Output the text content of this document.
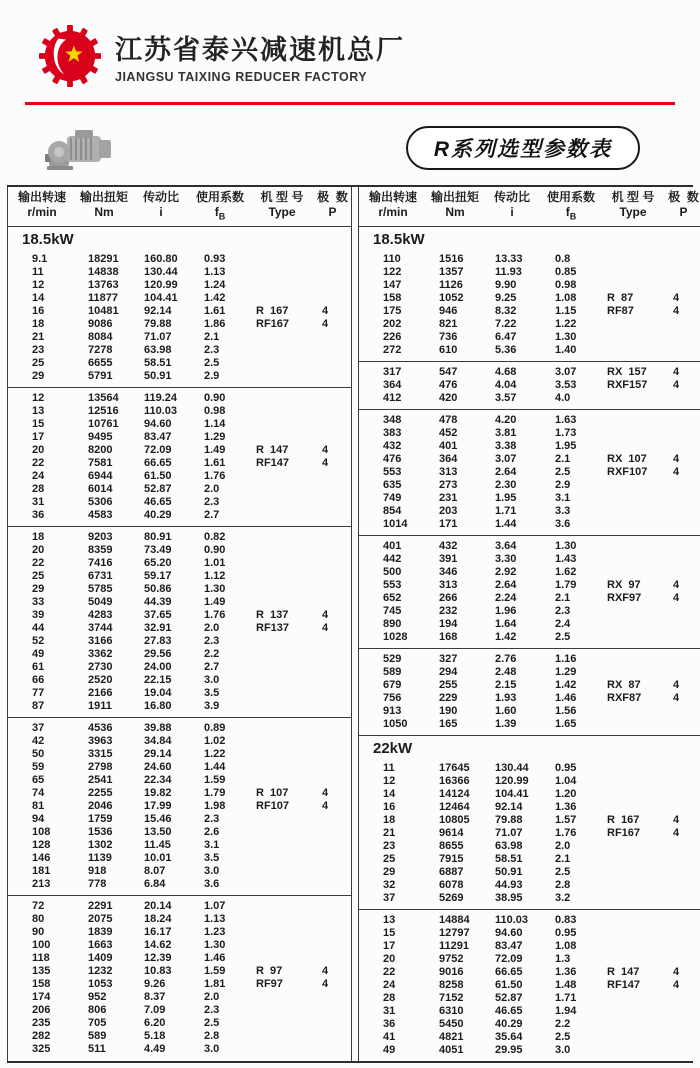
江苏省泰兴减速机总厂
JIANGSU TAIXING REDUCER FACTORY
R系列选型参数表
输出转速	输出扭矩	传动比	使用系数	机 型 号	极  数
r/min	Nm	i	$f_B$	Type	P
18.5kW
9.1	18291	160.80	0.93
11	14838	130.44	1.13
12	13763	120.99	1.24
14	11877	104.41	1.42
16	10481	92.14	1.61	R  167	4
18	9086	79.88	1.86	RF167	4
21	8084	71.07	2.1
23	7278	63.98	2.3
25	6655	58.51	2.5
29	5791	50.91	2.9
12	13564	119.24	0.90
13	12516	110.03	0.98
15	10761	94.60	1.14
17	9495	83.47	1.29
20	8200	72.09	1.49	R  147	4
22	7581	66.65	1.61	RF147	4
24	6944	61.50	1.76
28	6014	52.87	2.0
31	5306	46.65	2.3
36	4583	40.29	2.7
18	9203	80.91	0.82
20	8359	73.49	0.90
22	7416	65.20	1.01
25	6731	59.17	1.12
29	5785	50.86	1.30
33	5049	44.39	1.49
39	4283	37.65	1.76	R  137	4
44	3744	32.91	2.0	RF137	4
52	3166	27.83	2.3
49	3362	29.56	2.2
61	2730	24.00	2.7
66	2520	22.15	3.0
77	2166	19.04	3.5
87	1911	16.80	3.9
37	4536	39.88	0.89
42	3963	34.84	1.02
50	3315	29.14	1.22
59	2798	24.60	1.44
65	2541	22.34	1.59
74	2255	19.82	1.79	R  107	4
81	2046	17.99	1.98	RF107	4
94	1759	15.46	2.3
108	1536	13.50	2.6
128	1302	11.45	3.1
146	1139	10.01	3.5
181	918	8.07	3.0
213	778	6.84	3.6
72	2291	20.14	1.07
80	2075	18.24	1.13
90	1839	16.17	1.23
100	1663	14.62	1.30
118	1409	12.39	1.46
135	1232	10.83	1.59	R  97	4
158	1053	9.26	1.81	RF97	4
174	952	8.37	2.0
206	806	7.09	2.3
235	705	6.20	2.5
282	589	5.18	2.8
325	511	4.49	3.0
输出转速	输出扭矩	传动比	使用系数	机 型 号	极  数
r/min	Nm	i	$f_B$	Type	P
18.5kW
110	1516	13.33	0.8
122	1357	11.93	0.85
147	1126	9.90	0.98
158	1052	9.25	1.08	R  87	4
175	946	8.32	1.15	RF87	4
202	821	7.22	1.22
226	736	6.47	1.30
272	610	5.36	1.40
317	547	4.68	3.07	RX  157	4
364	476	4.04	3.53	RXF157	4
412	420	3.57	4.0
348	478	4.20	1.63
383	452	3.81	1.73
432	401	3.38	1.95
476	364	3.07	2.1	RX  107	4
553	313	2.64	2.5	RXF107	4
635	273	2.30	2.9
749	231	1.95	3.1
854	203	1.71	3.3
1014	171	1.44	3.6
401	432	3.64	1.30
442	391	3.30	1.43
500	346	2.92	1.62
553	313	2.64	1.79	RX  97	4
652	266	2.24	2.1	RXF97	4
745	232	1.96	2.3
890	194	1.64	2.4
1028	168	1.42	2.5
529	327	2.76	1.16
589	294	2.48	1.29
679	255	2.15	1.42	RX  87	4
756	229	1.93	1.46	RXF87	4
913	190	1.60	1.56
1050	165	1.39	1.65
22kW
11	17645	130.44	0.95
12	16366	120.99	1.04
14	14124	104.41	1.20
16	12464	92.14	1.36
18	10805	79.88	1.57	R  167	4
21	9614	71.07	1.76	RF167	4
23	8655	63.98	2.0
25	7915	58.51	2.1
29	6887	50.91	2.5
32	6078	44.93	2.8
37	5269	38.95	3.2
13	14884	110.03	0.83
15	12797	94.60	0.95
17	11291	83.47	1.08
20	9752	72.09	1.3
22	9016	66.65	1.36	R  147	4
24	8258	61.50	1.48	RF147	4
28	7152	52.87	1.71
31	6310	46.65	1.94
36	5450	40.29	2.2
41	4821	35.64	2.5
49	4051	29.95	3.0
